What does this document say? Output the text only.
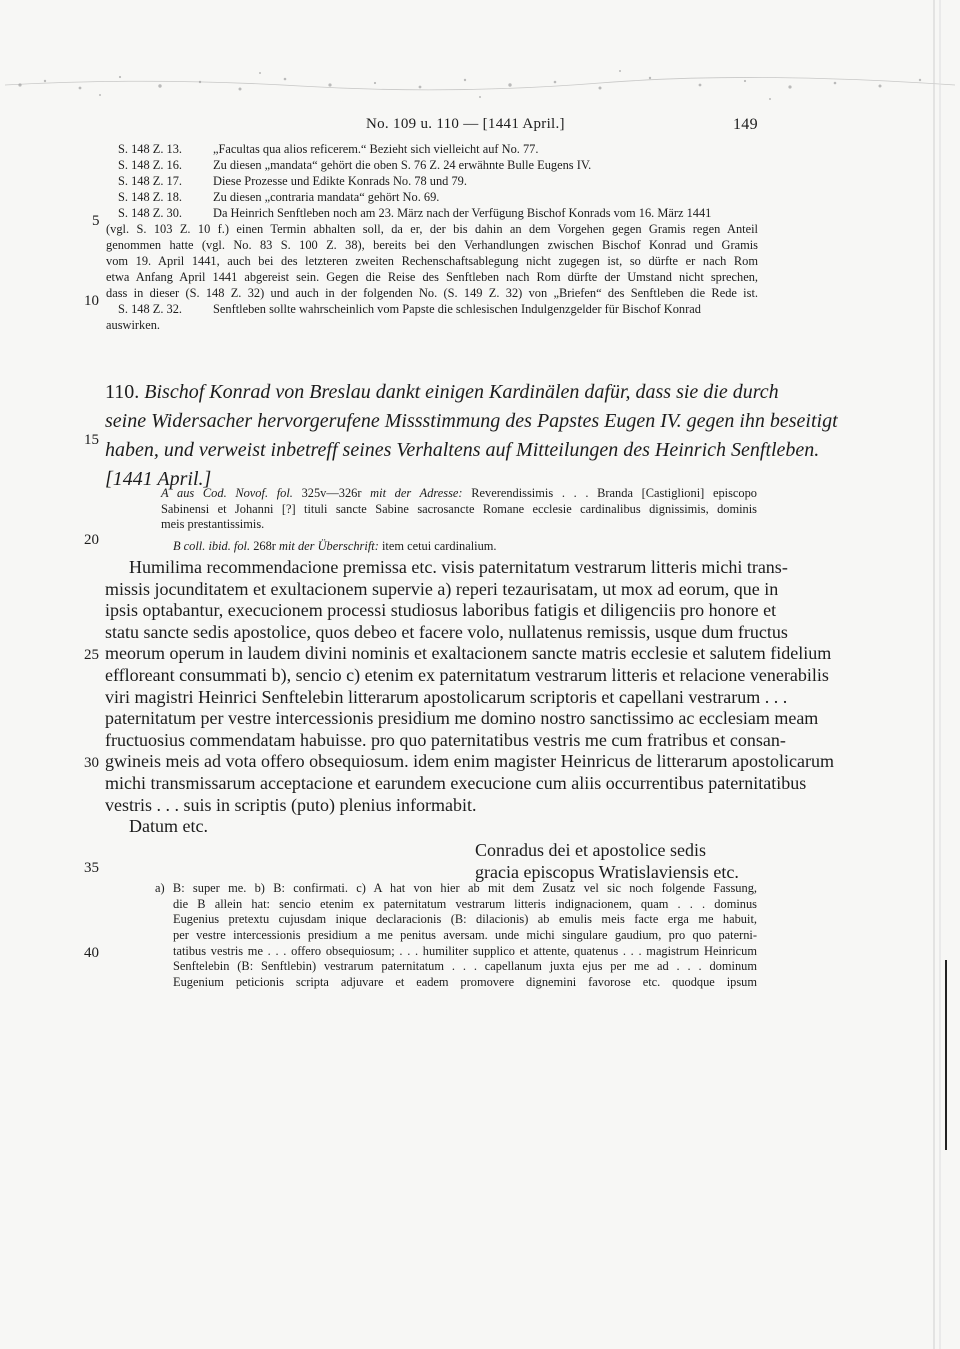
No. 109 u. 110 — [1441 April.]	149
S. 148 Z. 13. „Facultas qua alios reficerem.“ Bezieht sich vielleicht auf No. 77.
S. 148 Z. 16. Zu diesen „mandata“ gehört die oben S. 76 Z. 24 erwähnte Bulle Eugens IV.
S. 148 Z. 17. Diese Prozesse und Edikte Konrads No. 78 und 79.
S. 148 Z. 18. Zu diesen „contraria mandata“ gehört No. 69.
S. 148 Z. 30. Da Heinrich Senftleben noch am 23. März nach der Verfügung Bischof Konrads vom 16. März 1441
(vgl. S. 103 Z. 10 f.) einen Termin abhalten soll, da er, der bis dahin an dem Vorgehen gegen Gramis regen Anteil
genommen hatte (vgl. No. 83 S. 100 Z. 38), bereits bei den Verhandlungen zwischen Bischof Konrad und Gramis
vom 19. April 1441, auch bei des letzteren zweiten Rechenschaftsablegung nicht zugegen ist, so dürfte er nach Rom
etwa Anfang April 1441 abgereist sein. Gegen die Reise des Senftleben nach Rom dürfte der Umstand nicht sprechen,
dass in dieser (S. 148 Z. 32) und auch in der folgenden No. (S. 149 Z. 32) von „Briefen“ des Senftleben die Rede ist.
S. 148 Z. 32. Senftleben sollte wahrscheinlich vom Papste die schlesischen Indulgenzgelder für Bischof Konrad
auswirken.
5
10
15
20
25
30
35
40
110. Bischof Konrad von Breslau dankt einigen Kardinälen dafür, dass sie die durch
seine Widersacher hervorgerufene Missstimmung des Papstes Eugen IV. gegen ihn beseitigt
haben, und verweist inbetreff seines Verhaltens auf Mitteilungen des Heinrich Senftleben.
[1441 April.]
A aus Cod. Novof. fol. 325v—326r mit der Adresse: Reverendissimis . . . Branda [Castiglioni] episcopo
Sabinensi et Johanni [?] tituli sancte Sabine sacrosancte Romane ecclesie cardinalibus dignissimis, dominis
meis prestantissimis.
B coll. ibid. fol. 268r mit der Überschrift: item cetui cardinalium.
Humilima recommendacione premissa etc. visis paternitatum vestrarum litteris michi trans-
missis jocunditatem et exultacionem supervie a) reperi tezaurisatam, ut mox ad eorum, que in
ipsis optabantur, execucionem processi studiosus laboribus fatigis et diligenciis pro honore et
statu sancte sedis apostolice, quos debeo et facere volo, nullatenus remissis, usque dum fructus
meorum operum in laudem divini nominis et exaltacionem sancte matris ecclesie et salutem fidelium
effloreant consummati b), sencio c) etenim ex paternitatum vestrarum litteris et relacione venerabilis
viri magistri Heinrici Senftelebin litterarum apostolicarum scriptoris et capellani vestrarum . . .
paternitatum per vestre intercessionis presidium me domino nostro sanctissimo ac ecclesiam meam
fructuosius commendatam habuisse. pro quo paternitatibus vestris me cum fratribus et consan-
gwineis meis ad vota offero obsequiosum. idem enim magister Heinricus de litterarum apostolicarum
michi transmissarum acceptacione et earundem execucione cum aliis occurrentibus paternitatibus
vestris . . . suis in scriptis (puto) plenius informabit.
Datum etc.
Conradus dei et apostolice sedis
gracia episcopus Wratislaviensis etc.
a) B: super me. b) B: confirmati. c) A hat von hier ab mit dem Zusatz vel sic noch folgende Fassung,
die B allein hat: sencio etenim ex paternitatum vestrarum litteris indignacionem, quam . . . dominus
Eugenius pretextu cujusdam inique declaracionis (B: dilacionis) ab emulis meis facte erga me habuit,
per vestre intercessionis presidium a me penitus aversam. unde michi singulare gaudium, pro quo paterni-
tatibus vestris me . . . offero obsequiosum; . . . humiliter supplico et attente, quatenus . . . magistrum Heinricum
Senftelebin (B: Senftlebin) vestrarum paternitatum . . . capellanum juxta ejus per me ad . . . dominum
Eugenium peticionis scripta adjuvare et eadem promovere dignemini favorose etc. quodque ipsum
